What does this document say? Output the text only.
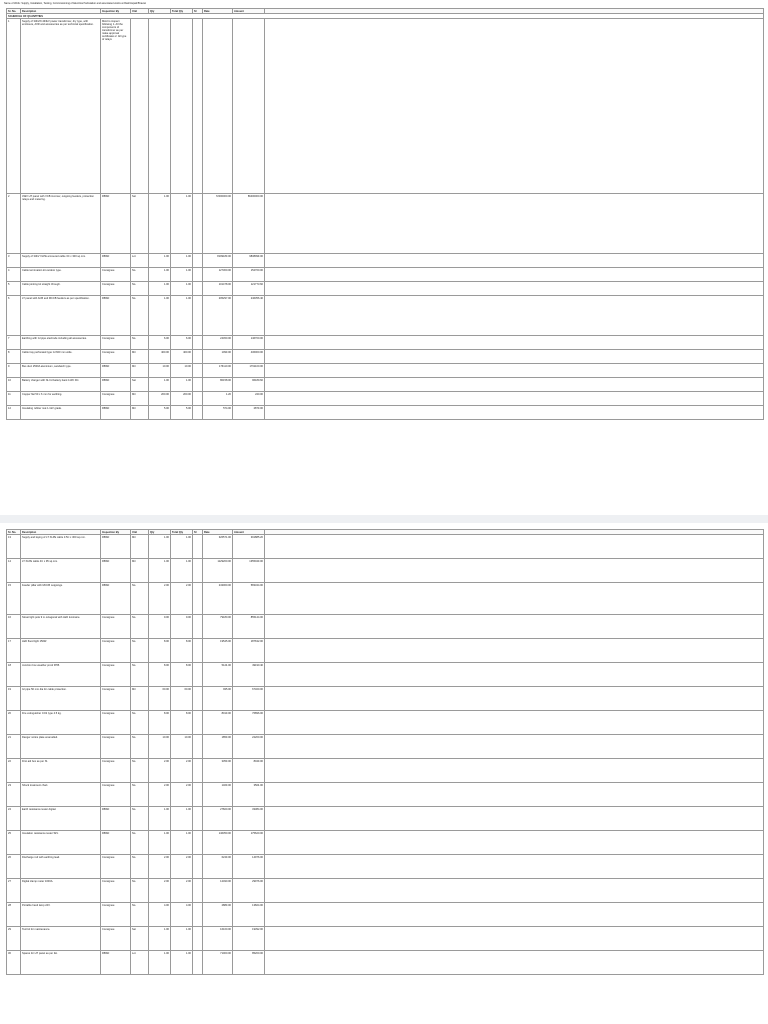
Name of Work: Supply, Installation, Testing, Commissioning of Electrical Substation and associated works at Rashtrapati Bhavan
Sr. No.	Description	Inspection By	Unit	Qty	Total Qty	SI	Rate	Amount	
SCHEDULE OF QUANTITIES									
1	Supply of 33kV/0.433kV power transformer, dry type, with enclosure, AVR and accessories as per technical specification.	Mstd to inspect following 1. All the components of transformer as per make approval certificates 2. All type of relays							
2	33kV HT panel with VCB incomer, outgoing feeders, protection relays and metering.	RBSD	Set	1.00	1.00		72000000.00	86400000.00	
3	Supply of 33kV XLPE armoured cable 3C x 300 sq.mm.	RBSD	Lot	1.00	1.00		8199180.00	9838999.00	
4	Cable termination kit outdoor type.	Consignee	No.	1.00	1.00		127300.00	152760.00	
5	Cable jointing kit straight through.	Consignee	No.	1.00	1.00		101478.00	121773.60	
6	LT panel with ACB and MCCB feeders as per specification.	RBSD	No.	1.00	1.00		205297.00	246356.40	
7	Earthing with GI pipe electrode including all accessories.	Consignee	No.	6.00	6.00		24450.00	146700.00	
8	Cable tray perforated type GI 600 mm wide.	Consignee	Mtr	400.00	400.00		1090.00	436000.00	
9	Bus duct 2500A aluminium, sandwich type.	RBSD	Mtr	10.00	10.00		176110.00	1761100.00	
10	Battery charger with Ni-Cd battery bank 110V DC.	RBSD	Set	1.00	1.00		80158.00	96189.60	
11	Copper flat 50 x 6 mm for earthing.	Consignee	Mtr	200.00	200.00		1.20	240.00	
12	Insulating rubber mat 1.1kV grade.	RBSD	Mtr	5.00	5.00		574.00	2870.00	
Sr. No.	Description	Inspection By	Unit	Qty	Total Qty	SI	Rate	Amount	
13	Supply and laying of LT XLPE cable 3.5C x 300 sq.mm.	RBSD	Mtr	1.00	1.00		326571.00	391885.20	
14	LT XLPE cable 4C x 95 sq.mm.	RBSD	Mtr	1.00	1.00		1129200.00	1355040.00	
15	Feeder pillar with MCCB outgoings.	RBSD	No.	2.00	2.00		243060.00	583344.00	
16	Street light pole 9 m octagonal with LED luminaire.	Consignee	No.	9.00	9.00		79180.00	855144.00	
17	LED flood light 150W.	Consignee	No.	8.00	8.00		19545.00	187632.00	
18	Junction box weather proof IP65.	Consignee	No.	8.00	8.00		5124.00	49190.40	
19	GI pipe 50 mm dia for cable protection.	Consignee	Mtr	60.00	60.00		935.00	67320.00	
20	Fire extinguisher CO2 type 4.5 kg.	Consignee	No.	8.00	8.00		8010.00	76896.00	
21	Danger notice plate enamelled.	Consignee	No.	10.00	10.00		1850.00	22200.00	
22	First aid box as per IS.	Consignee	No.	2.00	2.00		3350.00	8040.00	
23	Shock treatment chart.	Consignee	No.	2.00	2.00		1460.00	3504.00	
24	Earth resistance tester digital.	RBSD	No.	1.00	1.00		27820.00	33384.00	
25	Insulation resistance tester 5kV.	RBSD	No.	1.00	1.00		146350.00	175620.00	
26	Discharge rod with earthing lead.	Consignee	No.	2.00	2.00		6240.00	14976.00	
27	Digital clamp meter 1000A.	Consignee	No.	2.00	2.00		12490.00	29976.00	
28	Portable hand lamp 24V.	Consignee	No.	4.00	4.00		2880.00	13824.00	
29	Tool kit for maintenance.	Consignee	Set	1.00	1.00		16160.00	19392.00	
30	Spares for HT panel as per list.	RBSD	Lot	1.00	1.00		71000.00	85200.00	
